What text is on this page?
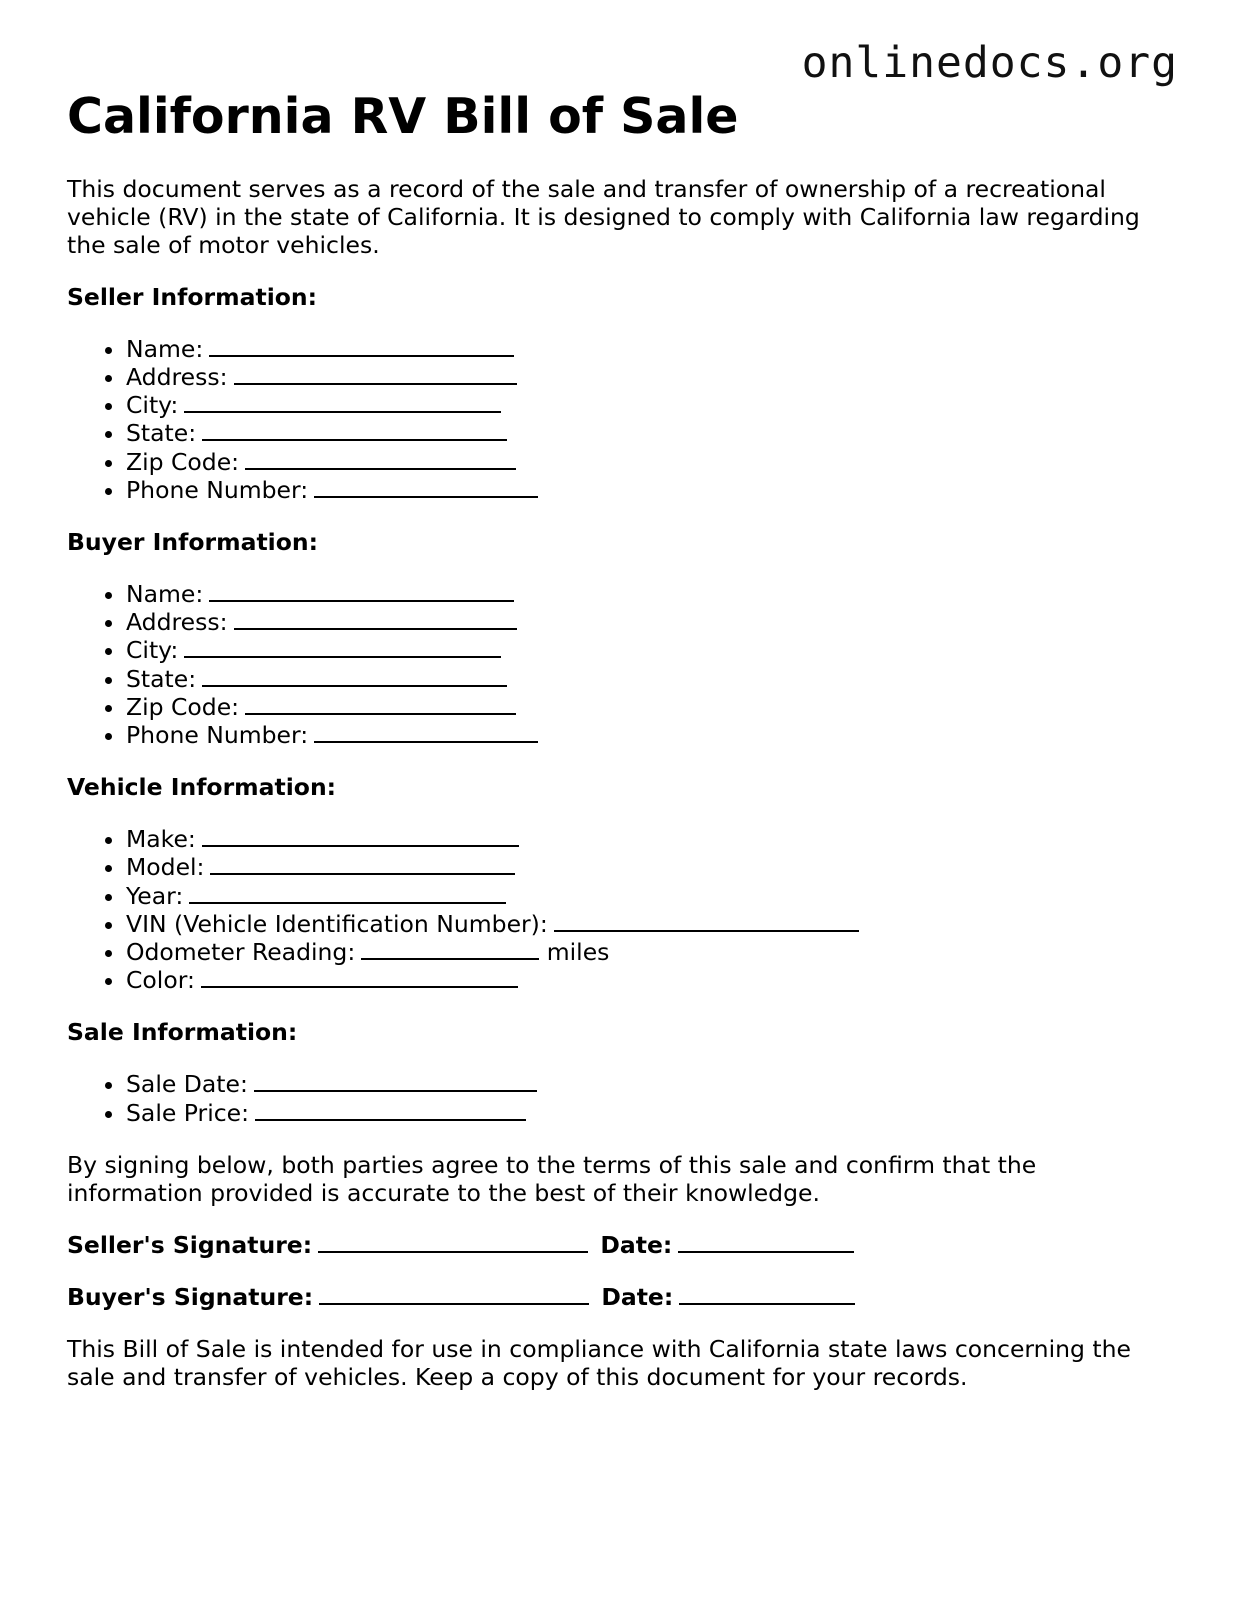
onlinedocs.org
California RV Bill of Sale

This document serves as a record of the sale and transfer of ownership of a recreational vehicle (RV) in the state of California. It is designed to comply with California law regarding the sale of motor vehicles.

Seller Information:
• Name:
• Address:
• City:
• State:
• Zip Code:
• Phone Number:
Buyer Information:
• Name:
• Address:
• City:
• State:
• Zip Code:
• Phone Number:
Vehicle Information:
• Make:
• Model:
• Year:
• VIN (Vehicle Identification Number):
• Odometer Reading:	miles
• Color:
Sale Information:
• Sale Date:
• Sale Price:

By signing below, both parties agree to the terms of this sale and confirm that the information provided is accurate to the best of their knowledge.

Seller's Signature:	Date:

Buyer's Signature:	Date:

This Bill of Sale is intended for use in compliance with California state laws concerning the sale and transfer of vehicles. Keep a copy of this document for your records.
